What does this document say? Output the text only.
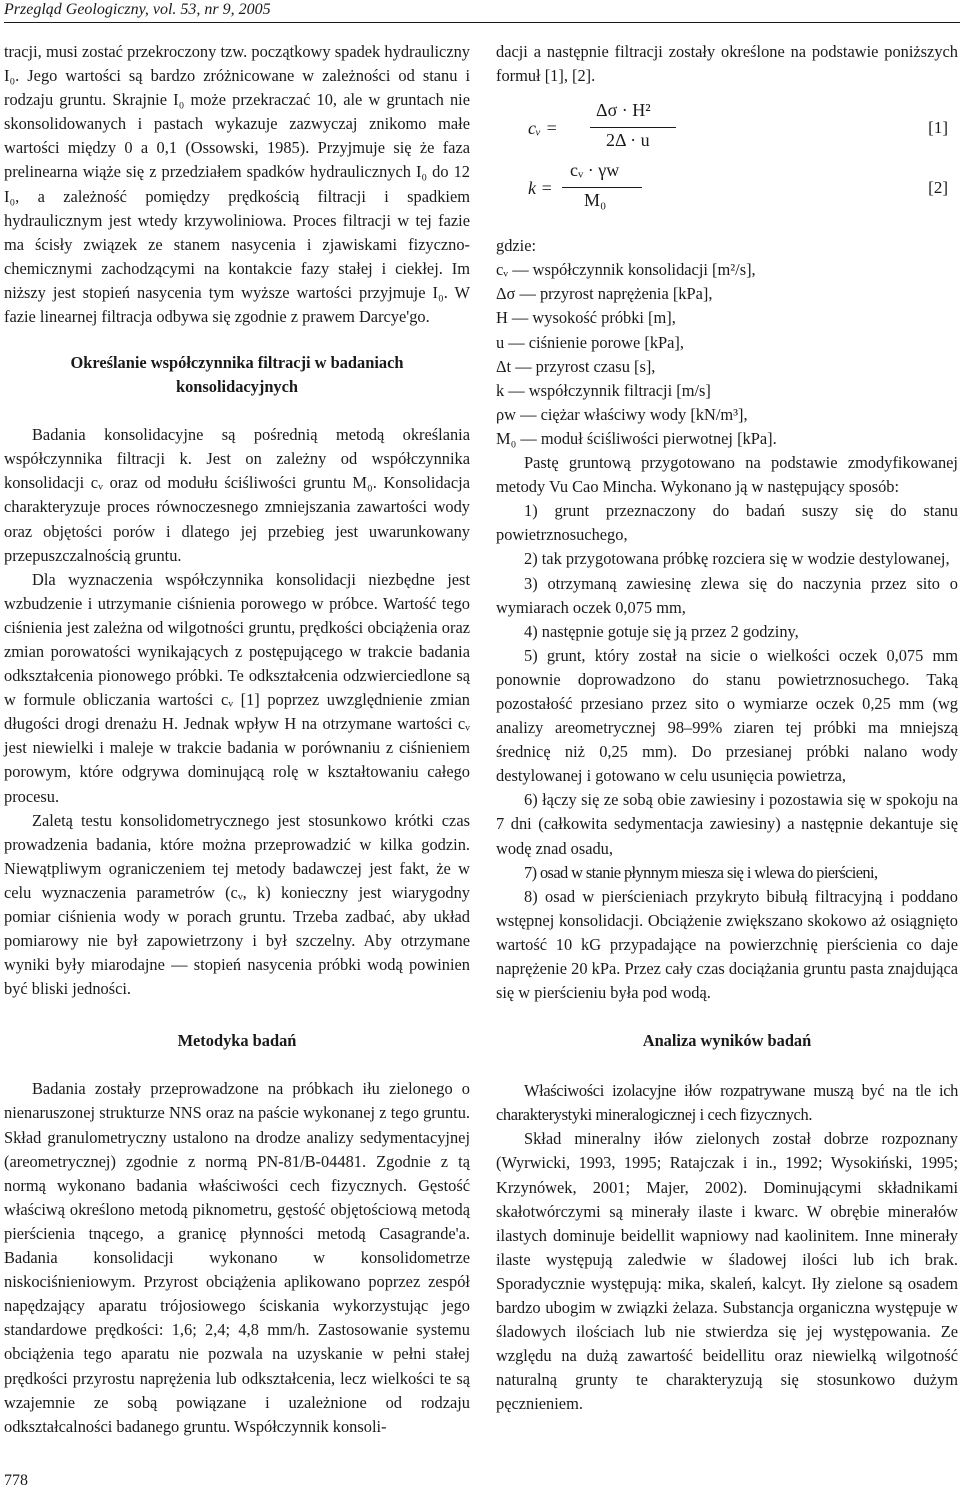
Przegląd Geologiczny, vol. 53, nr 9, 2005

tracji, musi zostać przekroczony tzw. początkowy spadek hydrauliczny I₀. Jego wartości są bardzo zróżnicowane w zależności od stanu i rodzaju gruntu. Skrajnie I₀ może przekraczać 10, ale w gruntach nie skonsolidowanych i pastach wykazuje zazwyczaj znikomo małe wartości między 0 a 0,1 (Ossowski, 1985). Przyjmuje się że faza prelinearna wiąże się z przedziałem spadków hydraulicznych I₀ do 12 I₀, a zależność pomiędzy prędkością filtracji i spadkiem hydraulicznym jest wtedy krzywoliniowa. Proces filtracji w tej fazie ma ścisły związek ze stanem nasycenia i zjawiskami fizyczno-chemicznymi zachodzącymi na kontakcie fazy stałej i ciekłej. Im niższy jest stopień nasycenia tym wyższe wartości przyjmuje I₀. W fazie linearnej filtracja odbywa się zgodnie z prawem Darcye'go.

Określanie współczynnika filtracji w badaniach
konsolidacyjnych

Badania konsolidacyjne są pośrednią metodą określania współczynnika filtracji k. Jest on zależny od współczynnika konsolidacji cᵥ oraz od modułu ściśliwości gruntu M₀. Konsolidacja charakteryzuje proces równoczesnego zmniejszania zawartości wody oraz objętości porów i dlatego jej przebieg jest uwarunkowany przepuszczalnością gruntu.

Dla wyznaczenia współczynnika konsolidacji niezbędne jest wzbudzenie i utrzymanie ciśnienia porowego w próbce. Wartość tego ciśnienia jest zależna od wilgotności gruntu, prędkości obciążenia oraz zmian porowatości wynikających z postępującego w trakcie badania odkształcenia pionowego próbki. Te odkształcenia odzwierciedlone są w formule obliczania wartości cᵥ [1] poprzez uwzględnienie zmian długości drogi drenażu H. Jednak wpływ H na otrzymane wartości cᵥ jest niewielki i maleje w trakcie badania w porównaniu z ciśnieniem porowym, które odgrywa dominującą rolę w kształtowaniu całego procesu.

Zaletą testu konsolidometrycznego jest stosunkowo krótki czas prowadzenia badania, które można przeprowadzić w kilka godzin. Niewątpliwym ograniczeniem tej metody badawczej jest fakt, że w celu wyznaczenia parametrów (cᵥ, k) konieczny jest wiarygodny pomiar ciśnienia wody w porach gruntu. Trzeba zadbać, aby układ pomiarowy nie był zapowietrzony i był szczelny. Aby otrzymane wyniki były miarodajne — stopień nasycenia próbki wodą powinien być bliski jedności.

Metodyka badań

Badania zostały przeprowadzone na próbkach iłu zielonego o nienaruszonej strukturze NNS oraz na paście wykonanej z tego gruntu. Skład granulometryczny ustalono na drodze analizy sedymentacyjnej (areometrycznej) zgodnie z normą PN-81/B-04481. Zgodnie z tą normą wykonano badania właściwości cech fizycznych. Gęstość właściwą określono metodą piknometru, gęstość objętościową metodą pierścienia tnącego, a granicę płynności metodą Casagrande'a. Badania konsolidacji wykonano w konsolidometrze niskociśnieniowym. Przyrost obciążenia aplikowano poprzez zespół napędzający aparatu trójosiowego ściskania wykorzystując jego standardowe prędkości: 1,6; 2,4; 4,8 mm/h. Zastosowanie systemu obciążenia tego aparatu nie pozwala na uzyskanie w pełni stałej prędkości przyrostu naprężenia lub odkształcenia, lecz wielkości te są wzajemnie ze sobą powiązane i uzależnione od rodzaju odkształcalności badanego gruntu. Współczynnik konsoli-

dacji a następnie filtracji zostały określone na podstawie poniższych formuł [1], [2].

cᵥ =
Δσ · H²
2Δ · u
[1]
k =
cᵥ · γw
M₀
[2]

gdzie:

cᵥ — współczynnik konsolidacji [m²/s],

Δσ — przyrost naprężenia [kPa],

H — wysokość próbki [m],

u — ciśnienie porowe [kPa],

Δt — przyrost czasu [s],

k — współczynnik filtracji [m/s]

ρw — ciężar właściwy wody [kN/m³],

M₀ — moduł ściśliwości pierwotnej [kPa].

Pastę gruntową przygotowano na podstawie zmodyfikowanej metody Vu Cao Mincha. Wykonano ją w następujący sposób:

1) grunt przeznaczony do badań suszy się do stanu powietrznosuchego,

2) tak przygotowana próbkę rozciera się w wodzie destylowanej,

3) otrzymaną zawiesinę zlewa się do naczynia przez sito o wymiarach oczek 0,075 mm,

4) następnie gotuje się ją przez 2 godziny,

5) grunt, który został na sicie o wielkości oczek 0,075 mm ponownie doprowadzono do stanu powietrznosuchego. Taką pozostałość przesiano przez sito o wymiarze oczek 0,25 mm (wg analizy areometrycznej 98–99% ziaren tej próbki ma mniejszą średnicę niż 0,25 mm). Do przesianej próbki nalano wody destylowanej i gotowano w celu usunięcia powietrza,

6) łączy się ze sobą obie zawiesiny i pozostawia się w spokoju na 7 dni (całkowita sedymentacja zawiesiny) a następnie dekantuje się wodę znad osadu,

7) osad w stanie płynnym miesza się i wlewa do pierścieni,

8) osad w pierścieniach przykryto bibułą filtracyjną i poddano wstępnej konsolidacji. Obciążenie zwiększano skokowo aż osiągnięto wartość 10 kG przypadające na powierzchnię pierścienia co daje naprężenie 20 kPa. Przez cały czas dociążania gruntu pasta znajdująca się w pierścieniu była pod wodą.

Analiza wyników badań

Właściwości izolacyjne iłów rozpatrywane muszą być na tle ich charakterystyki mineralogicznej i cech fizycznych.

Skład mineralny iłów zielonych został dobrze rozpoznany (Wyrwicki, 1993, 1995; Ratajczak i in., 1992; Wysokiński, 1995; Krzynówek, 2001; Majer, 2002). Dominującymi składnikami skałotwórczymi są minerały ilaste i kwarc. W obrębie minerałów ilastych dominuje beidellit wapniowy nad kaolinitem. Inne minerały ilaste występują zaledwie w śladowej ilości lub ich brak. Sporadycznie występują: mika, skaleń, kalcyt. Iły zielone są osadem bardzo ubogim w związki żelaza. Substancja organiczna występuje w śladowych ilościach lub nie stwierdza się jej występowania. Ze względu na dużą zawartość beidellitu oraz niewielką wilgotność naturalną grunty te charakteryzują się stosunkowo dużym pęcznieniem.

778
